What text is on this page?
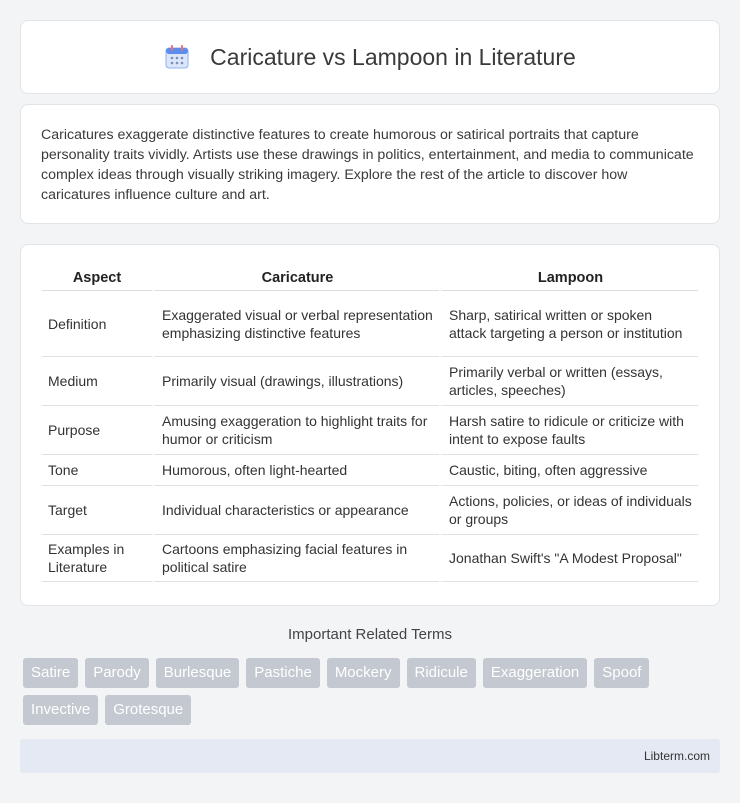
Caricature vs Lampoon in Literature

Caricatures exaggerate distinctive features to create humorous or satirical portraits that capture personality traits vividly. Artists use these drawings in politics, entertainment, and media to communicate complex ideas through visually striking imagery. Explore the rest of the article to discover how caricatures influence culture and art.

Aspect	Caricature	Lampoon
Definition	Exaggerated visual or verbal representation emphasizing distinctive features	Sharp, satirical written or spoken attack targeting a person or institution
Medium	Primarily visual (drawings, illustrations)	Primarily verbal or written (essays, articles, speeches)
Purpose	Amusing exaggeration to highlight traits for humor or criticism	Harsh satire to ridicule or criticize with intent to expose faults
Tone	Humorous, often light-hearted	Caustic, biting, often aggressive
Target	Individual characteristics or appearance	Actions, policies, or ideas of individuals or groups
Examples in Literature	Cartoons emphasizing facial features in political satire	Jonathan Swift's "A Modest Proposal"
Important Related Terms
Satire	Parody	Burlesque	Pastiche	Mockery	Ridicule	Exaggeration	Spoof
Invective	Grotesque
Libterm.com
